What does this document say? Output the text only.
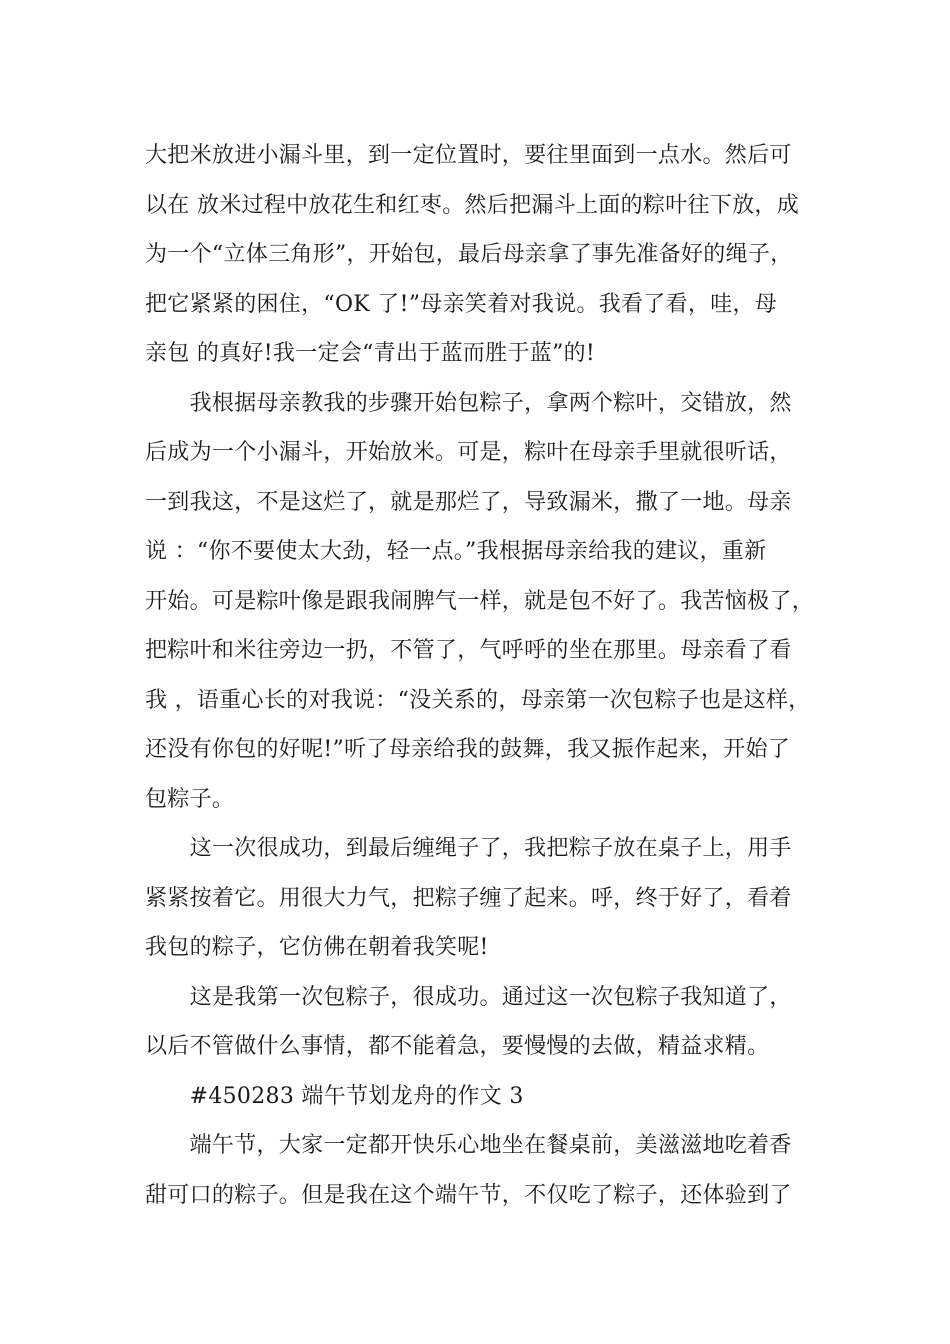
大把米放进小漏斗里，到一定位置时，要往里面到一点水。然后可
以在 放米过程中放花生和红枣。然后把漏斗上面的粽叶往下放，成
为一个“立体三角形”，开始包，最后母亲拿了事先准备好的绳子，
把它紧紧的困住，“OK 了!”母亲笑着对我说。我看了看，哇，母
亲包 的真好!我一定会“青出于蓝而胜于蓝”的!
　　我根据母亲教我的步骤开始包粽子，拿两个粽叶，交错放，然
后成为一个小漏斗，开始放米。可是，粽叶在母亲手里就很听话，
一到我这，不是这烂了，就是那烂了，导致漏米，撒了一地。母亲
说 ：“你不要使太大劲，轻一点。”我根据母亲给我的建议，重新
开始。可是粽叶像是跟我闹脾气一样，就是包不好了。我苦恼极了，
把粽叶和米往旁边一扔，不管了，气呼呼的坐在那里。母亲看了看
我 ，语重心长的对我说：“没关系的，母亲第一次包粽子也是这样，
还没有你包的好呢!”听了母亲给我的鼓舞，我又振作起来，开始了
包粽子。
　　这一次很成功，到最后缠绳子了，我把粽子放在桌子上，用手
紧紧按着它。用很大力气，把粽子缠了起来。呼，终于好了，看着
我包的粽子，它仿佛在朝着我笑呢!
　　这是我第一次包粽子，很成功。通过这一次包粽子我知道了，
以后不管做什么事情，都不能着急，要慢慢的去做，精益求精。
　　#450283 端午节划龙舟的作文 3
　　端午节，大家一定都开快乐心地坐在餐桌前，美滋滋地吃着香
甜可口的粽子。但是我在这个端午节，不仅吃了粽子，还体验到了
